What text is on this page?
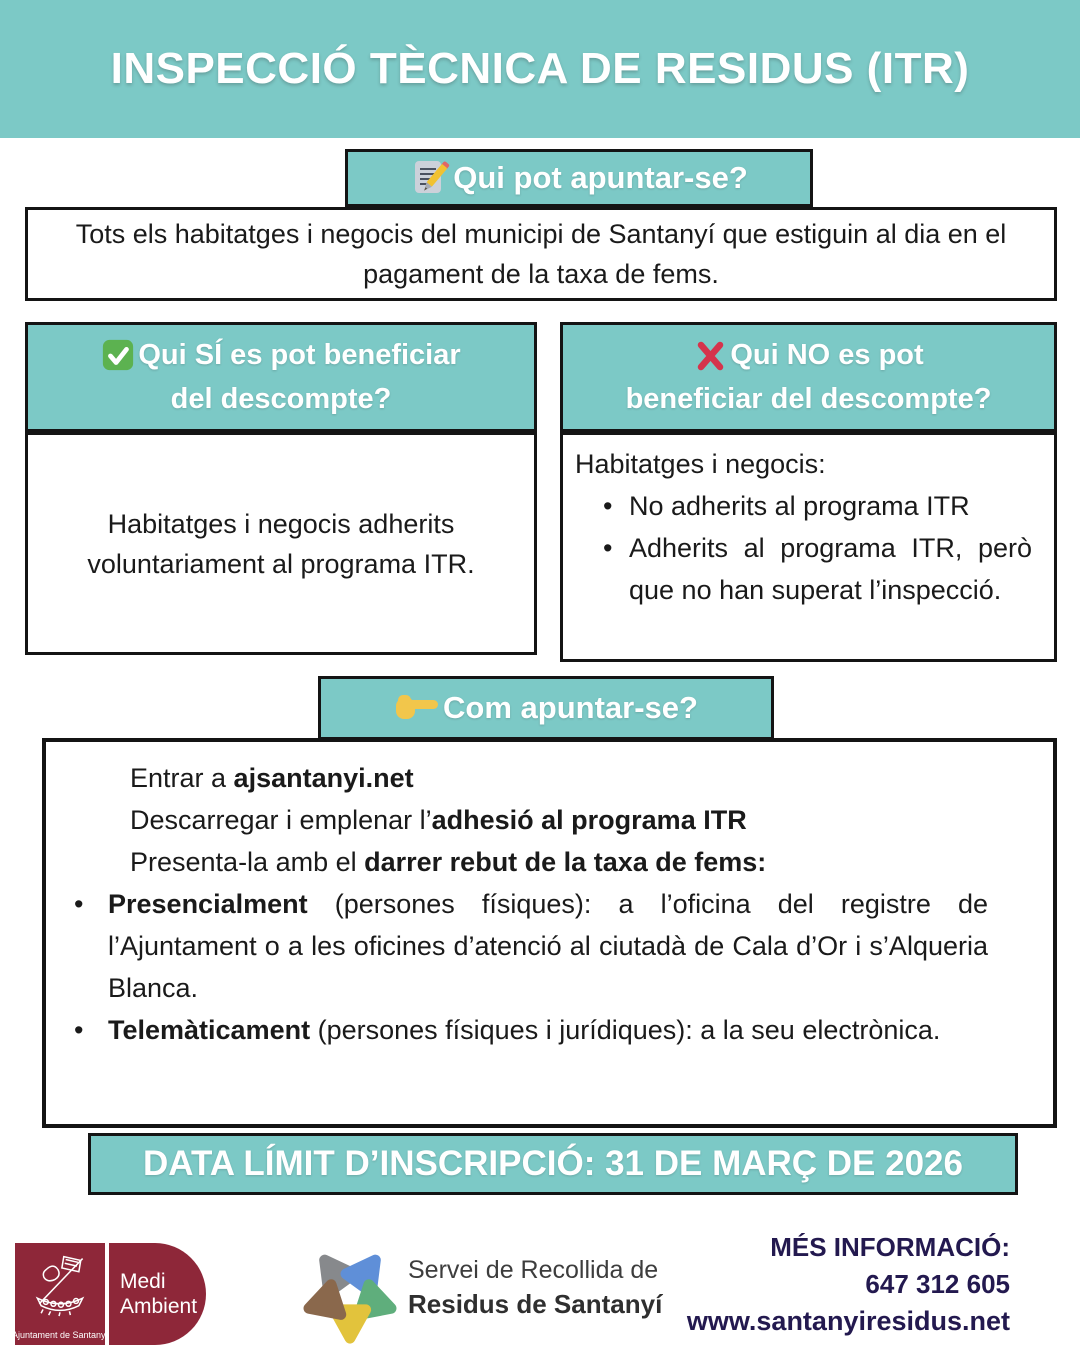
INSPECCIÓ TÈCNICA DE RESIDUS (ITR)
Qui pot apuntar-se?

Tots els habitatges i negocis del municipi de Santanyí que estiguin al dia en el pagament de la taxa de fems.

Qui SÍ es pot beneficiar
del descompte?

Habitatges i negocis adherits voluntariament al programa ITR.

Qui NO es pot
beneficiar del descompte?

Habitatges i negocis:

• No adherits al programa ITR
• Adherits al programa ITR, però que no han superat l’inspecció.
Com apuntar-se?
Entrar a ajsantanyi.net
Descarregar i emplenar l’adhesió al programa ITR
Presenta-la amb el darrer rebut de la taxa de fems:
• Presencialment (persones físiques): a l’oficina del registre de l’Ajuntament o a les oficines d’atenció al ciutadà de Cala d’Or i s’Alqueria Blanca.
• Telemàticament (persones físiques i jurídiques): a la seu electrònica.
DATA LÍMIT D’INSCRIPCIÓ: 31 DE MARÇ DE 2026
Ajuntament de Santanyí
Medi Ambient
Servei de Recollida de
Residus de Santanyí
MÉS INFORMACIÓ:
647 312 605
www.santanyiresidus.net
